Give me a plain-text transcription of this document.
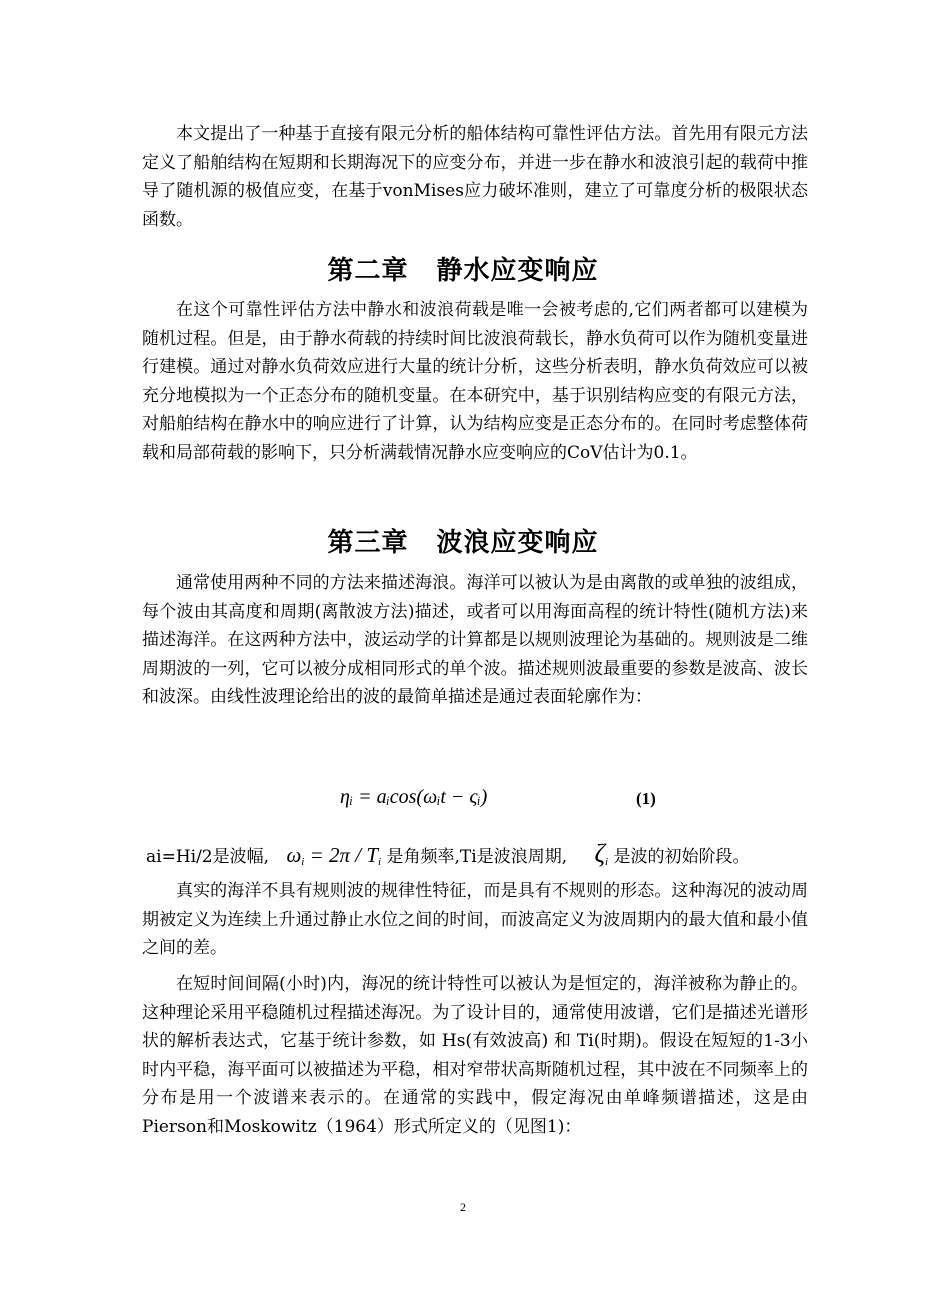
本文提出了一种基于直接有限元分析的船体结构可靠性评估方法。首先用有限元方法定义了船舶结构在短期和长期海况下的应变分布，并进一步在静水和波浪引起的载荷中推导了随机源的极值应变，在基于vonMises应力破坏准则，建立了可靠度分析的极限状态函数。

第二章 静水应变响应

在这个可靠性评估方法中静水和波浪荷载是唯一会被考虑的,它们两者都可以建模为随机过程。但是，由于静水荷载的持续时间比波浪荷载长，静水负荷可以作为随机变量进行建模。通过对静水负荷效应进行大量的统计分析，这些分析表明，静水负荷效应可以被充分地模拟为一个正态分布的随机变量。在本研究中，基于识别结构应变的有限元方法，对船舶结构在静水中的响应进行了计算，认为结构应变是正态分布的。在同时考虑整体荷载和局部荷载的影响下，只分析满载情况静水应变响应的CoV估计为0.1。

第三章 波浪应变响应

通常使用两种不同的方法来描述海浪。海洋可以被认为是由离散的或单独的波组成，每个波由其高度和周期(离散波方法)描述，或者可以用海面高程的统计特性(随机方法)来描述海洋。在这两种方法中，波运动学的计算都是以规则波理论为基础的。规则波是二维周期波的一列，它可以被分成相同形式的单个波。描述规则波最重要的参数是波高、波长和波深。由线性波理论给出的波的最简单描述是通过表面轮廓作为：

ηᵢ = aᵢcos(ωᵢt − ςᵢ)	(1)
ai=Hi/2是波幅, $\omega_i = 2\pi / T_i$ 是角频率,Ti是波浪周期, $\zeta_i$ 是波的初始阶段。

真实的海洋不具有规则波的规律性特征，而是具有不规则的形态。这种海况的波动周期被定义为连续上升通过静止水位之间的时间，而波高定义为波周期内的最大值和最小值之间的差。

在短时间间隔(小时)内，海况的统计特性可以被认为是恒定的，海洋被称为静止的。这种理论采用平稳随机过程描述海况。为了设计目的，通常使用波谱，它们是描述光谱形状的解析表达式，它基于统计参数，如 Hs(有效波高) 和 Ti(时期)。假设在短短的1-3小时内平稳，海平面可以被描述为平稳，相对窄带状高斯随机过程，其中波在不同频率上的分布是用一个波谱来表示的。在通常的实践中，假定海况由单峰频谱描述，这是由Pierson和Moskowitz（1964）形式所定义的（见图1)：

2
